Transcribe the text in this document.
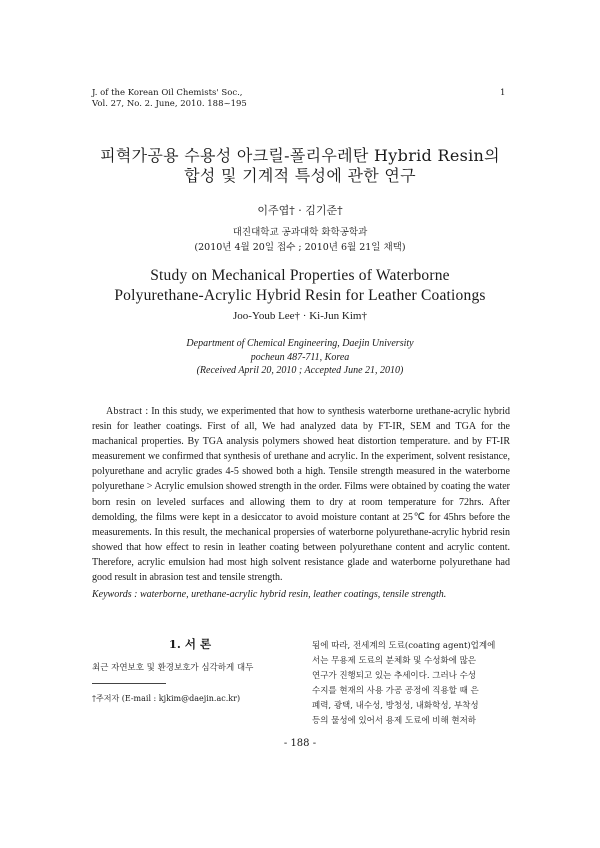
J. of the Korean Oil Chemists' Soc.,
Vol. 27, No. 2. June, 2010. 188~195
1
피혁가공용 수용성 아크릴-폴리우레탄 Hybrid Resin의
합성 및 기계적 특성에 관한 연구
이주엽† · 김기준†
대진대학교 공과대학 화학공학과
(2010년 4월 20일 접수 ; 2010년 6월 21일 채택)
Study on Mechanical Properties of Waterborne
Polyurethane-Acrylic Hybrid Resin for Leather Coationgs
Joo-Youb Lee† · Ki-Jun Kim†
Department of Chemical Engineering, Daejin University
pocheun 487-711, Korea
(Received April 20, 2010 ; Accepted June 21, 2010)
Abstract : In this study, we experimented that how to synthesis waterborne urethane-acrylic hybrid resin for leather coatings. First of all, We had analyzed data by FT-IR, SEM and TGA for the machanical properties. By TGA analysis polymers showed heat distortion temperature. and by FT-IR measurement we confirmed that synthesis of urethane and acrylic. In the experiment, solvent resistance, polyurethane and acrylic grades 4-5 showed both a high. Tensile strength measured in the waterborne polyurethane > Acrylic emulsion showed strength in the order. Films were obtained by coating the water born resin on leveled surfaces and allowing them to dry at room temperature for 72hrs. After demolding, the films were kept in a desiccator to avoid moisture contant at 25℃ for 45hrs before the measurements. In this result, the mechanical propersies of waterborne polyurethane-acrylic hybrid resin showed that how effect to resin in leather coating between polyurethane content and acrylic content. Therefore, acrylic emulsion had most high solvent resistance glade and waterborne polyurethane had good result in abrasion test and tensile strength.
Keywords : waterborne, urethane-acrylic hybrid resin, leather coatings, tensile strength.
1. 서 론
최근 자연보호 및 환경보호가 심각하게 대두
†주저자 (E-mail : kjkim@daejin.ac.kr)
됨에 따라, 전세계의 도료(coating agent)업계에
서는 무용제 도료의 분체화 및 수성화에 많은
연구가 진행되고 있는 추세이다. 그러나 수성
수지를 현재의 사용 가공 공정에 직용할 때 은
폐력, 광택, 내수성, 방청성, 내화학성, 부착성
등의 물성에 있어서 용제 도료에 비해 현저하
- 188 -
